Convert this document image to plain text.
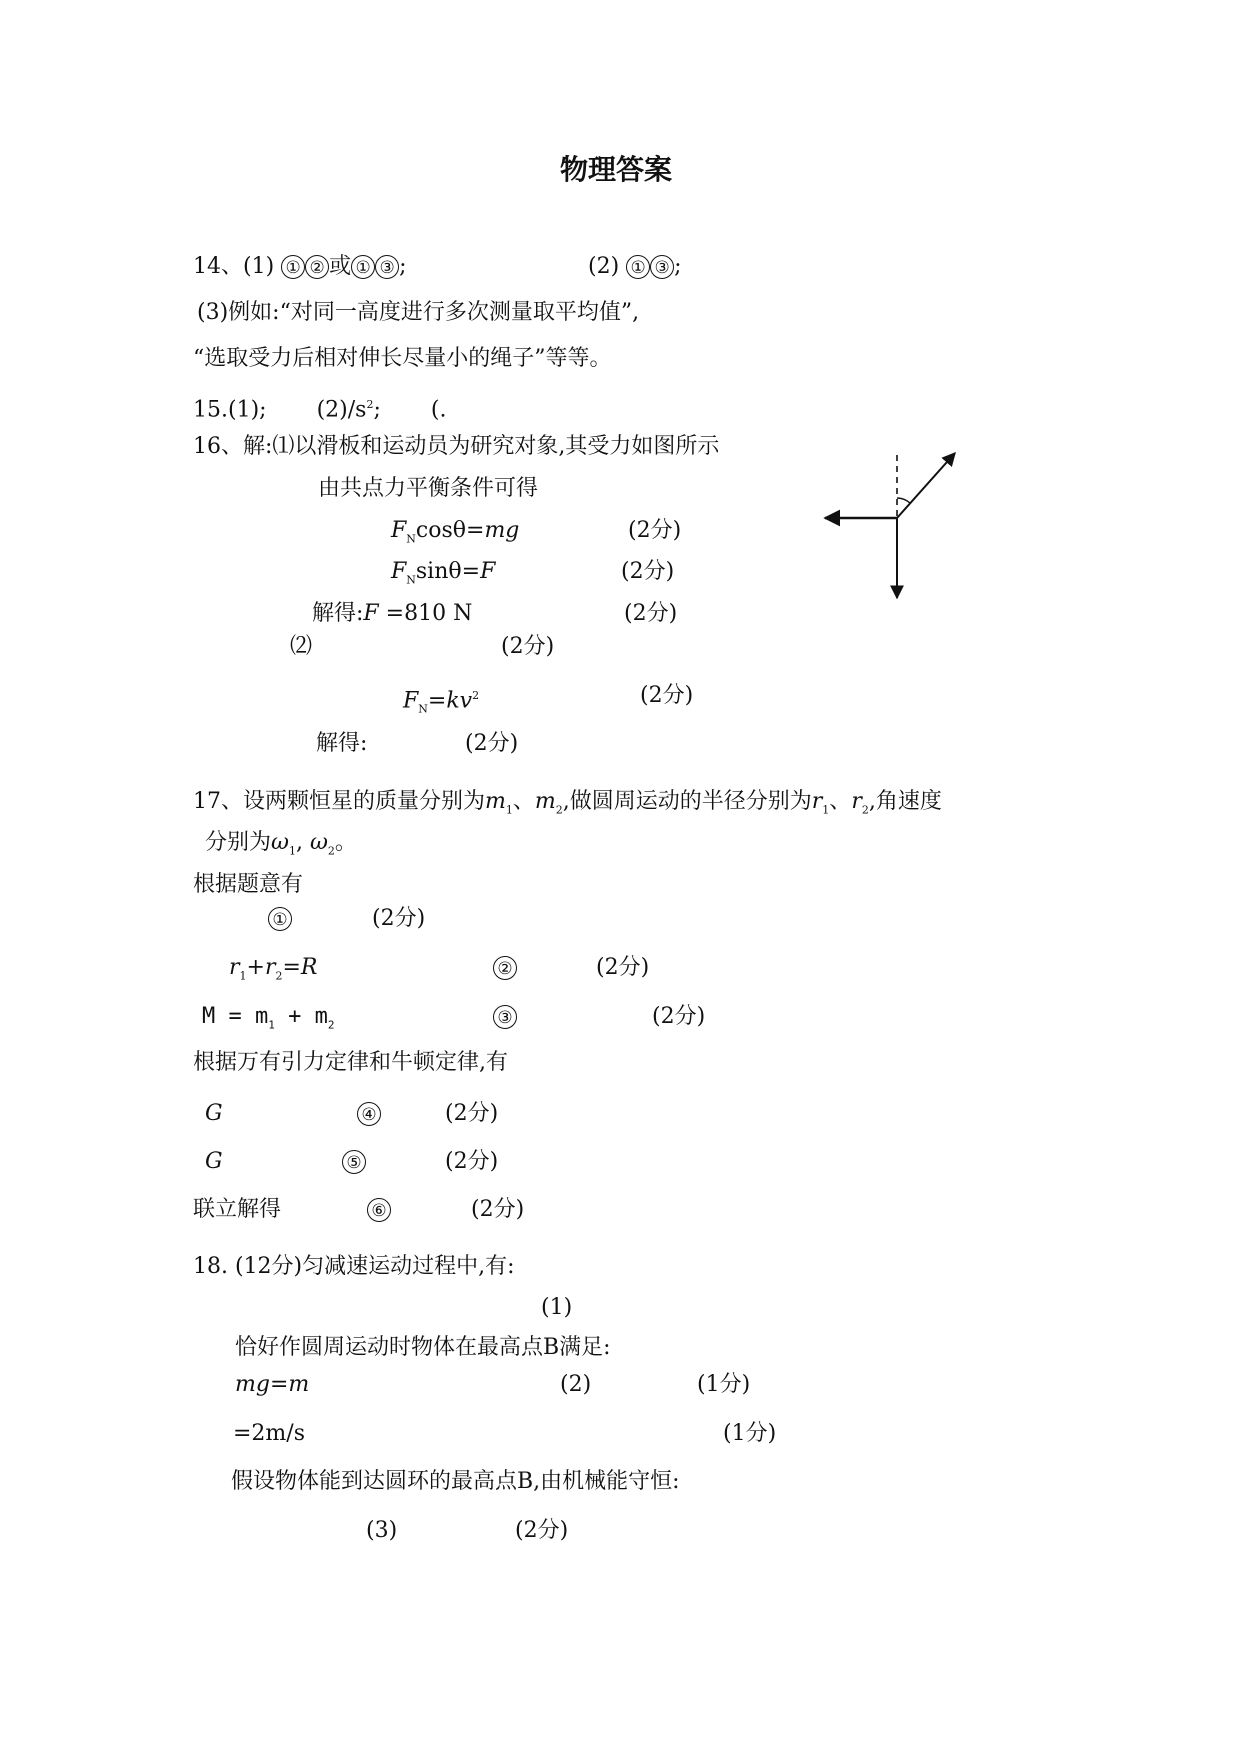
物理答案
14、(1) ① ② 或 ① ③ ;	(2) ① ③ ;
(3)例如:“对同一高度进行多次测量取平均值”,
“选取受力后相对伸长尽量小的绳子”等等。
15.(1); $(2)/s^2$; (.
16、解:⑴以滑板和运动员为研究对象,其受力如图所示
由共点力平衡条件可得
$F_N\cos\theta=mg$	(2分)
$F_N\sin\theta=F$	(2分)
解得:F =810 N	(2分)
⑵	(2分)
$F_N=kv^2$	(2分)
解得:	(2分)
17、设两颗恒星的质量分别为$m_1$、$m_2$,做圆周运动的半径分别为$r_1$、$r_2$,角速度
分别为$\omega_1$, $\omega_2$。
根据题意有
①	(2分)
$r_1+r_2=R$	②	(2分)
$M = m_1 + m_2$	③	(2分)
根据万有引力定律和牛顿定律,有
G	④	(2分)
G	⑤	(2分)
联立解得	⑥	(2分)
18. (12分)匀减速运动过程中,有:
(1)
恰好作圆周运动时物体在最高点B满足:
mg=m	(2)	(1分)
=2m/s	(1分)
假设物体能到达圆环的最高点B,由机械能守恒:
(3)	(2分)
